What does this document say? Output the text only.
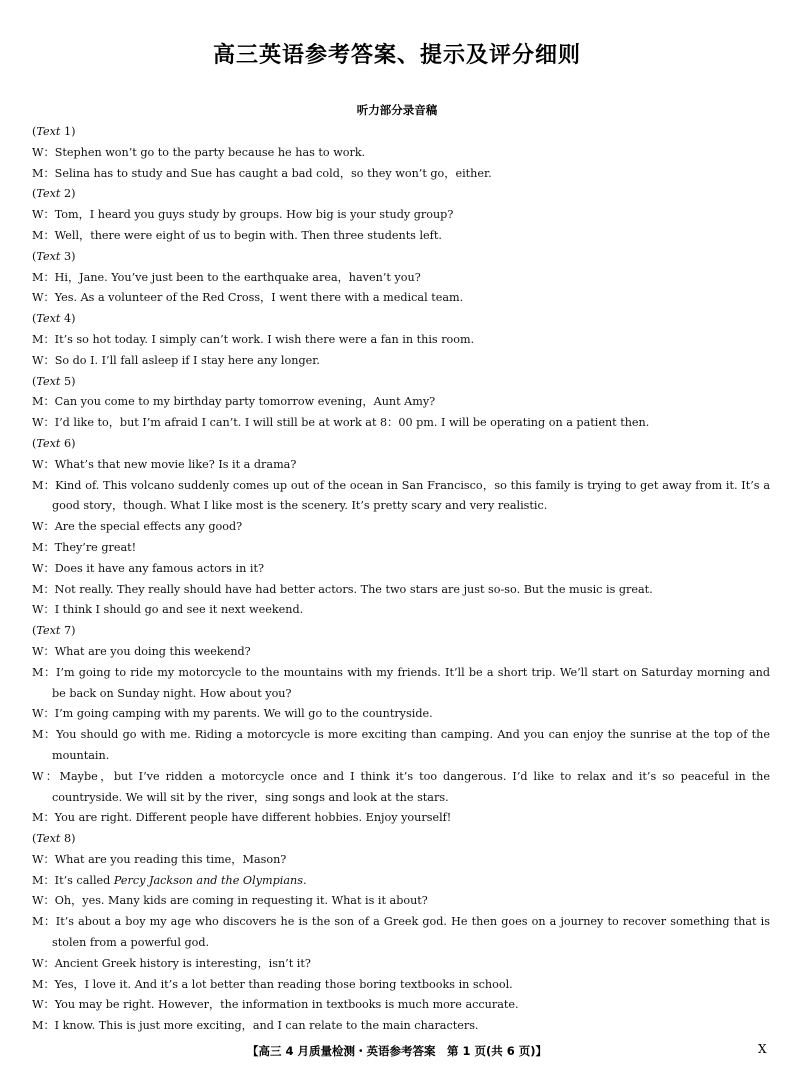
高三英语参考答案、提示及评分细则
听力部分录音稿
(Text 1)
W：Stephen won’t go to the party because he has to work.
M：Selina has to study and Sue has caught a bad cold，so they won’t go，either.
(Text 2)
W：Tom，I heard you guys study by groups. How big is your study group?
M：Well，there were eight of us to begin with. Then three students left.
(Text 3)
M：Hi，Jane. You’ve just been to the earthquake area，haven’t you?
W：Yes. As a volunteer of the Red Cross，I went there with a medical team.
(Text 4)
M：It’s so hot today. I simply can’t work. I wish there were a fan in this room.
W：So do I. I’ll fall asleep if I stay here any longer.
(Text 5)
M：Can you come to my birthday party tomorrow evening，Aunt Amy?
W：I’d like to，but I’m afraid I can’t. I will still be at work at 8：00 pm. I will be operating on a patient then.
(Text 6)
W：What’s that new movie like? Is it a drama?
M：Kind of. This volcano suddenly comes up out of the ocean in San Francisco，so this family is trying to get away from it. It’s a good story，though. What I like most is the scenery. It’s pretty scary and very realistic.
W：Are the special effects any good?
M：They’re great!
W：Does it have any famous actors in it?
M：Not really. They really should have had better actors. The two stars are just so-so. But the music is great.
W：I think I should go and see it next weekend.
(Text 7)
W：What are you doing this weekend?
M：I’m going to ride my motorcycle to the mountains with my friends. It’ll be a short trip. We’ll start on Saturday morning and be back on Sunday night. How about you?
W：I’m going camping with my parents. We will go to the countryside.
M：You should go with me. Riding a motorcycle is more exciting than camping. And you can enjoy the sunrise at the top of the mountain.
W：Maybe，but I’ve ridden a motorcycle once and I think it’s too dangerous. I’d like to relax and it’s so peaceful in the countryside. We will sit by the river，sing songs and look at the stars.
M：You are right. Different people have different hobbies. Enjoy yourself!
(Text 8)
W：What are you reading this time，Mason?
M：It’s called Percy Jackson and the Olympians.
W：Oh，yes. Many kids are coming in requesting it. What is it about?
M：It’s about a boy my age who discovers he is the son of a Greek god. He then goes on a journey to recover something that is stolen from a powerful god.
W：Ancient Greek history is interesting，isn’t it?
M：Yes，I love it. And it’s a lot better than reading those boring textbooks in school.
W：You may be right. However，the information in textbooks is much more accurate.
M：I know. This is just more exciting，and I can relate to the main characters.
【高三 4 月质量检测・英语参考答案　第 1 页(共 6 页)】	X
